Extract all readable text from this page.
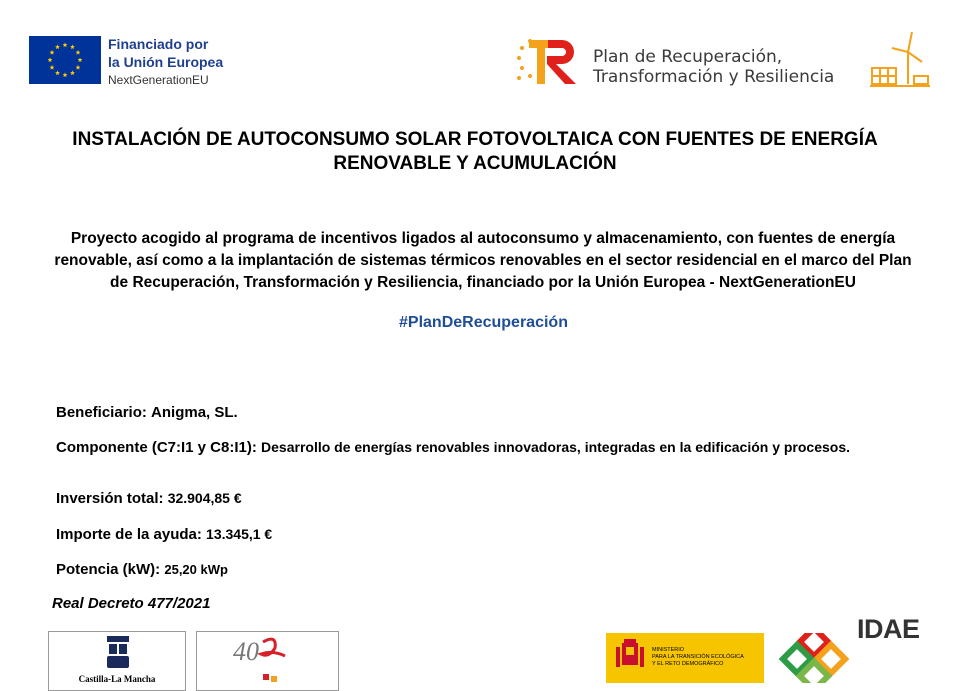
Financiado por
la Unión Europea
NextGenerationEU
Plan de Recuperación,
Transformación y Resiliencia
INSTALACIÓN DE AUTOCONSUMO SOLAR FOTOVOLTAICA CON FUENTES DE ENERGÍA RENOVABLE Y ACUMULACIÓN
Proyecto acogido al programa de incentivos ligados al autoconsumo y almacenamiento, con fuentes de energía renovable, así como a la implantación de sistemas térmicos renovables en el sector residencial en el marco del Plan de Recuperación, Transformación y Resiliencia, financiado por la Unión Europea - NextGenerationEU
#PlanDeRecuperación
Beneficiario: Anigma, SL.
Componente (C7:I1 y C8:I1): Desarrollo de energías renovables innovadoras, integradas en la edificación y procesos.
Inversión total: 32.904,85 €
Importe de la ayuda: 13.345,1 €
Potencia (kW): 25,20 kWp
Real Decreto 477/2021
Castilla-La Mancha
40	MINISTERIO
PARA LA TRANSICIÓN ECOLÓGICA
Y EL RETO DEMOGRÁFICO
IDAE
